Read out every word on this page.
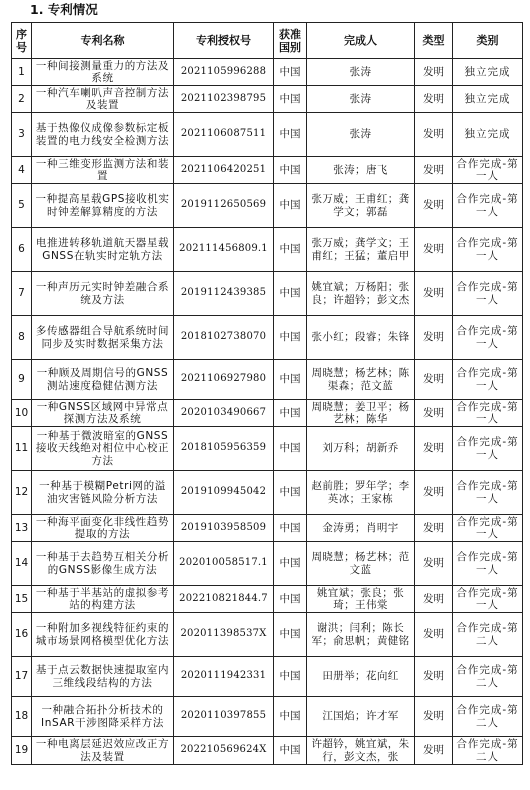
1. 专利情况
序号	专利名称	专利授权号	获准国别	完成人	类型	类别
1	一种间接测量重力的方法及系统	2021105996288	中国	张涛	发明	独立完成
2	一种汽车喇叭声音控制方法及装置	2021102398795	中国	张涛	发明	独立完成
3	基于热像仪成像参数标定板装置的电力线安全检测方法	2021106087511	中国	张涛	发明	独立完成
4	一种三维变形监测方法和装置	2021106420251	中国	张涛；唐飞	发明	合作完成-第一人
5	一种提高星载GPS接收机实时钟差解算精度的方法	2019112650569	中国	张万威；王甫红；龚学文；郭磊	发明	合作完成-第一人
6	电推进转移轨道航天器星载GNSS在轨实时定轨方法	202111456809.1	中国	张万威；龚学文；王甫红；王猛；董启甲	发明	合作完成-第一人
7	一种声历元实时钟差融合系统及方法	2019112439385	中国	姚宜斌；万杨阳；张良；许超钤；彭文杰	发明	合作完成-第一人
8	多传感器组合导航系统时间同步及实时数据采集方法	2018102738070	中国	张小红；段睿；朱锋	发明	合作完成-第一人
9	一种顾及周期信号的GNSS测站速度稳健估测方法	2021106927980	中国	周晓慧；杨艺林；陈渠森；范文蓝	发明	合作完成-第一人
10	一种GNSS区域网中异常点探测方法及系统	2020103490667	中国	周晓慧；姜卫平；杨艺林；陈华	发明	合作完成-第一人
11	一种基于微波暗室的GNSS接收天线绝对相位中心校正方法	2018105956359	中国	刘万科；胡新乔	发明	合作完成-第一人
12	一种基于模糊Petri网的溢油灾害链风险分析方法	2019109945042	中国	赵前胜；罗年学；李英冰；王家栋	发明	合作完成-第一人
13	一种海平面变化非线性趋势提取的方法	2019103958509	中国	金涛勇；肖明宇	发明	合作完成-第一人
14	一种基于去趋势互相关分析的GNSS影像生成方法	202010058517.1	中国	周晓慧；杨艺林；范文蓝	发明	合作完成-第一人
15	一种基于半基站的虚拟参考站的构建方法	202210821844.7	中国	姚宜斌；张良；张琦；王伟棠	发明	合作完成-第一人
16	一种附加多视线特征约束的城市场景网格模型优化方法	202011398537X	中国	谢洪；闫利；陈长军；俞思帆；黄健铭	发明	合作完成-第二人
17	基于点云数据快速提取室内三维线段结构的方法	2020111942331	中国	田册举；花向红	发明	合作完成-第二人
18	一种融合拓扑分析技术的InSAR干涉图降采样方法	2020110397855	中国	江国焰；许才军	发明	合作完成-第二人
19	一种电离层延迟效应改正方法及装置	202210569624X	中国	许超钤，姚宜斌，朱行，彭文杰，张	发明	合作完成-第二人
